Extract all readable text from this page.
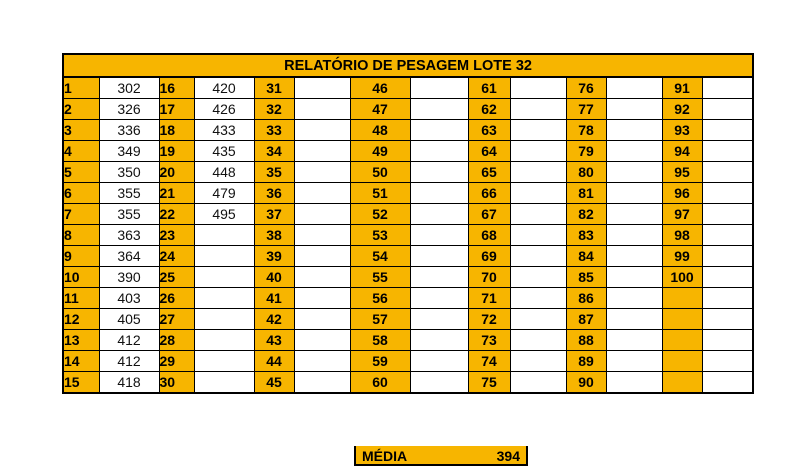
RELATÓRIO DE PESAGEM LOTE 32													
1	302	16	420	31		46		61		76		91	
2	326	17	426	32		47		62		77		92	
3	336	18	433	33		48		63		78		93	
4	349	19	435	34		49		64		79		94	
5	350	20	448	35		50		65		80		95	
6	355	21	479	36		51		66		81		96	
7	355	22	495	37		52		67		82		97	
8	363	23		38		53		68		83		98	
9	364	24		39		54		69		84		99	
10	390	25		40		55		70		85		100	
11	403	26		41		56		71		86			
12	405	27		42		57		72		87			
13	412	28		43		58		73		88			
14	412	29		44		59		74		89			
15	418	30		45		60		75		90			
MÉDIA	394
